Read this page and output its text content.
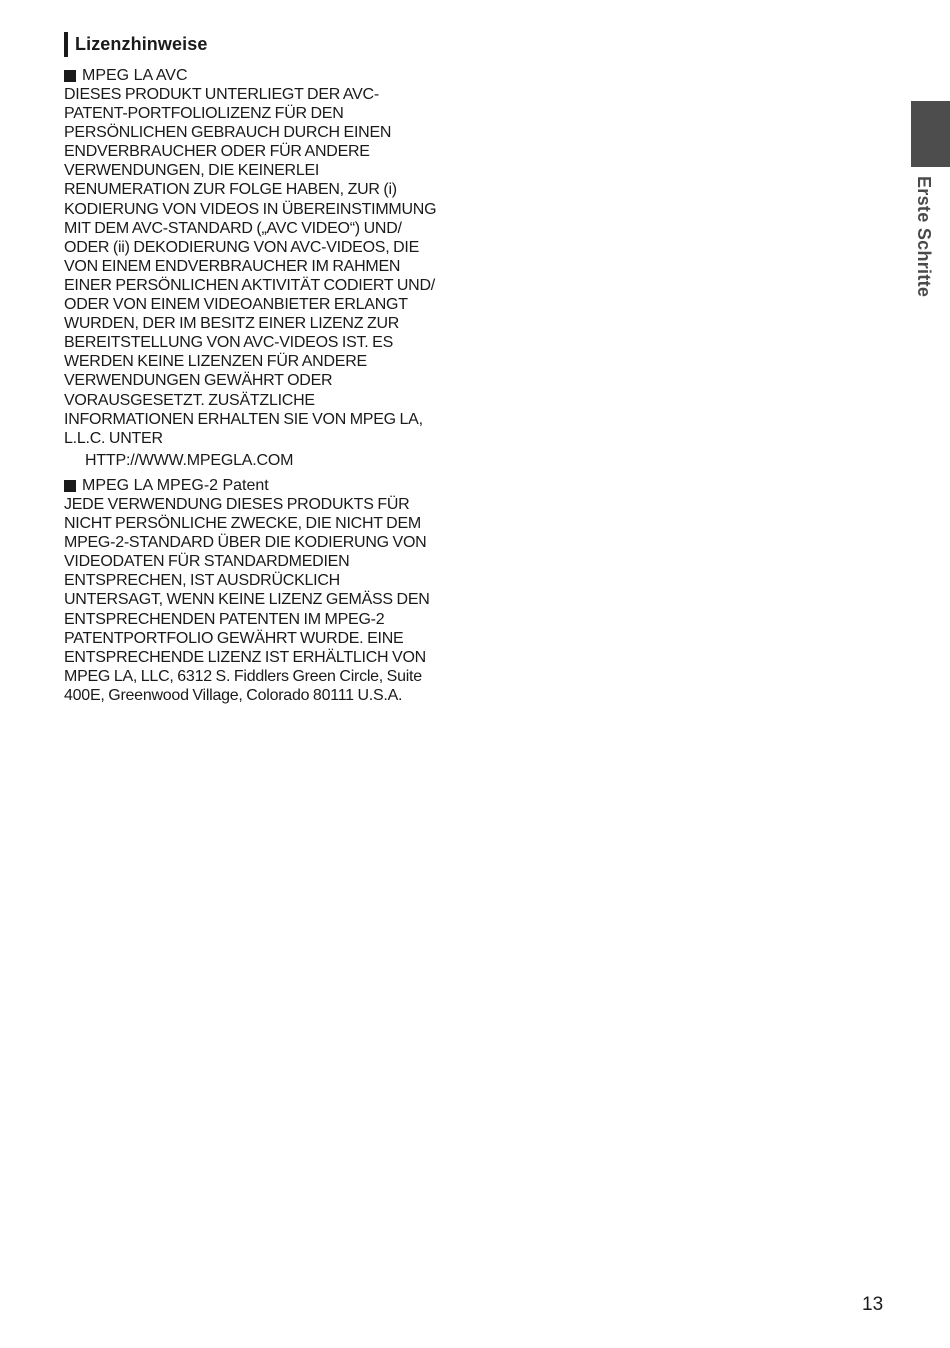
Lizenzhinweise
MPEG LA AVC
DIESES PRODUKT UNTERLIEGT DER AVC-
PATENT-PORTFOLIOLIZENZ FÜR DEN
PERSÖNLICHEN GEBRAUCH DURCH EINEN
ENDVERBRAUCHER ODER FÜR ANDERE
VERWENDUNGEN, DIE KEINERLEI
RENUMERATION ZUR FOLGE HABEN, ZUR (i)
KODIERUNG VON VIDEOS IN ÜBEREINSTIMMUNG
MIT DEM AVC-STANDARD („AVC VIDEO“) UND/
ODER (ii) DEKODIERUNG VON AVC-VIDEOS, DIE
VON EINEM ENDVERBRAUCHER IM RAHMEN
EINER PERSÖNLICHEN AKTIVITÄT CODIERT UND/
ODER VON EINEM VIDEOANBIETER ERLANGT
WURDEN, DER IM BESITZ EINER LIZENZ ZUR
BEREITSTELLUNG VON AVC-VIDEOS IST. ES
WERDEN KEINE LIZENZEN FÜR ANDERE
VERWENDUNGEN GEWÄHRT ODER
VORAUSGESETZT. ZUSÄTZLICHE
INFORMATIONEN ERHALTEN SIE VON MPEG LA,
L.L.C. UNTER
HTTP://WWW.MPEGLA.COM
MPEG LA MPEG-2 Patent
JEDE VERWENDUNG DIESES PRODUKTS FÜR
NICHT PERSÖNLICHE ZWECKE, DIE NICHT DEM
MPEG-2-STANDARD ÜBER DIE KODIERUNG VON
VIDEODATEN FÜR STANDARDMEDIEN
ENTSPRECHEN, IST AUSDRÜCKLICH
UNTERSAGT, WENN KEINE LIZENZ GEMÄSS DEN
ENTSPRECHENDEN PATENTEN IM MPEG-2
PATENTPORTFOLIO GEWÄHRT WURDE. EINE
ENTSPRECHENDE LIZENZ IST ERHÄLTLICH VON
MPEG LA, LLC, 6312 S. Fiddlers Green Circle, Suite
400E, Greenwood Village, Colorado 80111 U.S.A.
Erste Schritte
13
